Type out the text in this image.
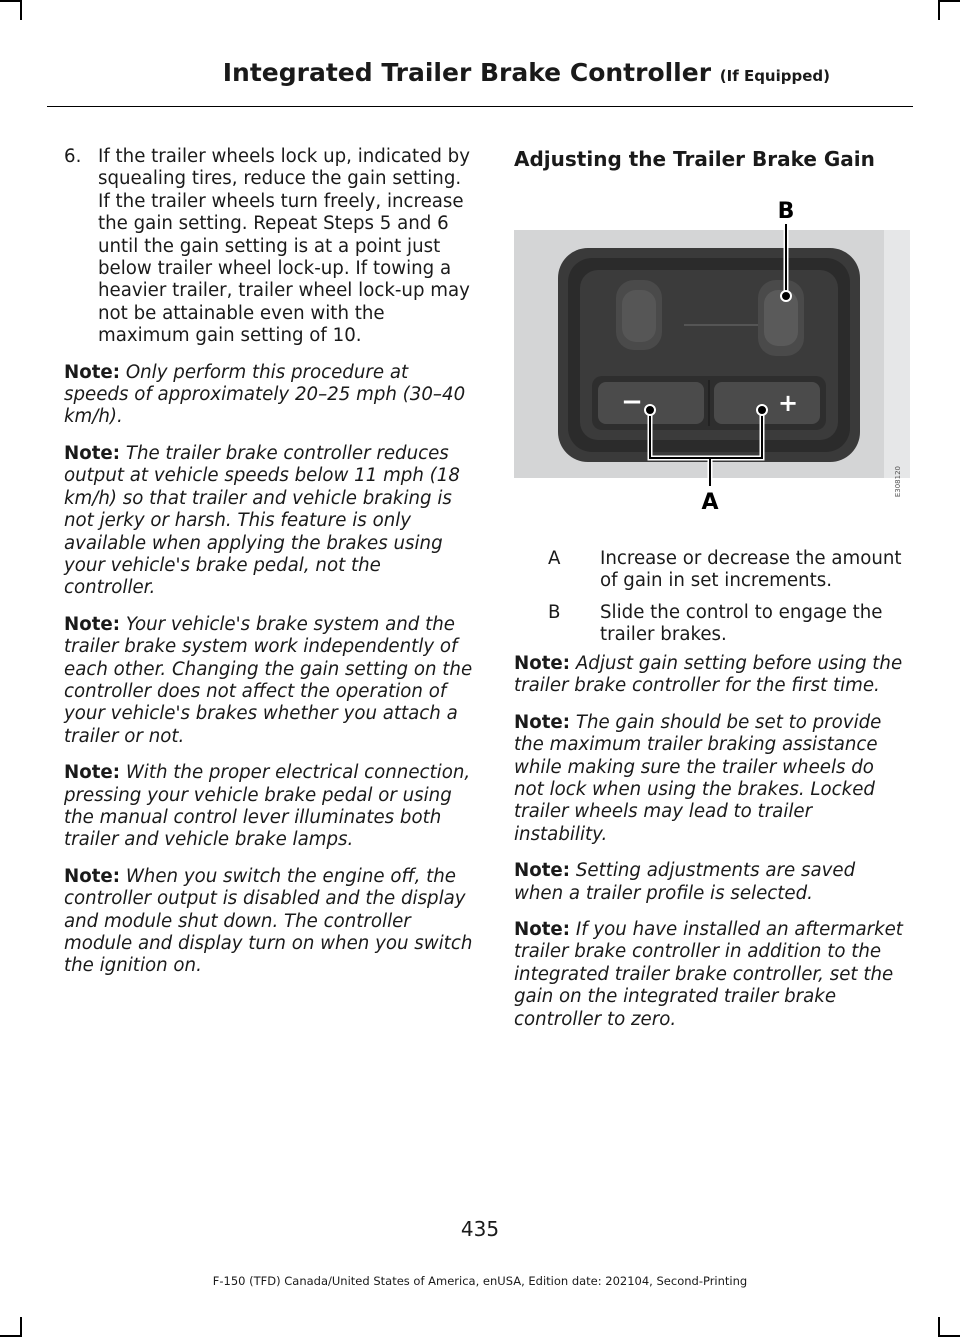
Integrated Trailer Brake Controller (If Equipped)
6. If the trailer wheels lock up, indicated by squealing tires, reduce the gain setting. If the trailer wheels turn freely, increase the gain setting. Repeat Steps 5 and 6 until the gain setting is at a point just below trailer wheel lock-up. If towing a heavier trailer, trailer wheel lock-up may not be attainable even with the maximum gain setting of 10.

Note: Only perform this procedure at speeds of approximately 20–25 mph (30–40 km/h).

Note: The trailer brake controller reduces output at vehicle speeds below 11 mph (18 km/h) so that trailer and vehicle braking is not jerky or harsh. This feature is only available when applying the brakes using your vehicle's brake pedal, not the controller.

Note: Your vehicle's brake system and the trailer brake system work independently of each other. Changing the gain setting on the controller does not affect the operation of your vehicle's brakes whether you attach a trailer or not.

Note: With the proper electrical connection, pressing your vehicle brake pedal or using the manual control lever illuminates both trailer and vehicle brake lamps.

Note: When you switch the engine off, the controller output is disabled and the display and module shut down. The controller module and display turn on when you switch the ignition on.

Adjusting the Trailer Brake Gain
−	+
B
A
E308120
A	Increase or decrease the amount of gain in set increments.
B	Slide the control to engage the trailer brakes.

Note: Adjust gain setting before using the trailer brake controller for the first time.

Note: The gain should be set to provide the maximum trailer braking assistance while making sure the trailer wheels do not lock when using the brakes. Locked trailer wheels may lead to trailer instability.

Note: Setting adjustments are saved when a trailer profile is selected.

Note: If you have installed an aftermarket trailer brake controller in addition to the integrated trailer brake controller, set the gain on the integrated trailer brake controller to zero.

435
F-150 (TFD) Canada/United States of America, enUSA, Edition date: 202104, Second-Printing
